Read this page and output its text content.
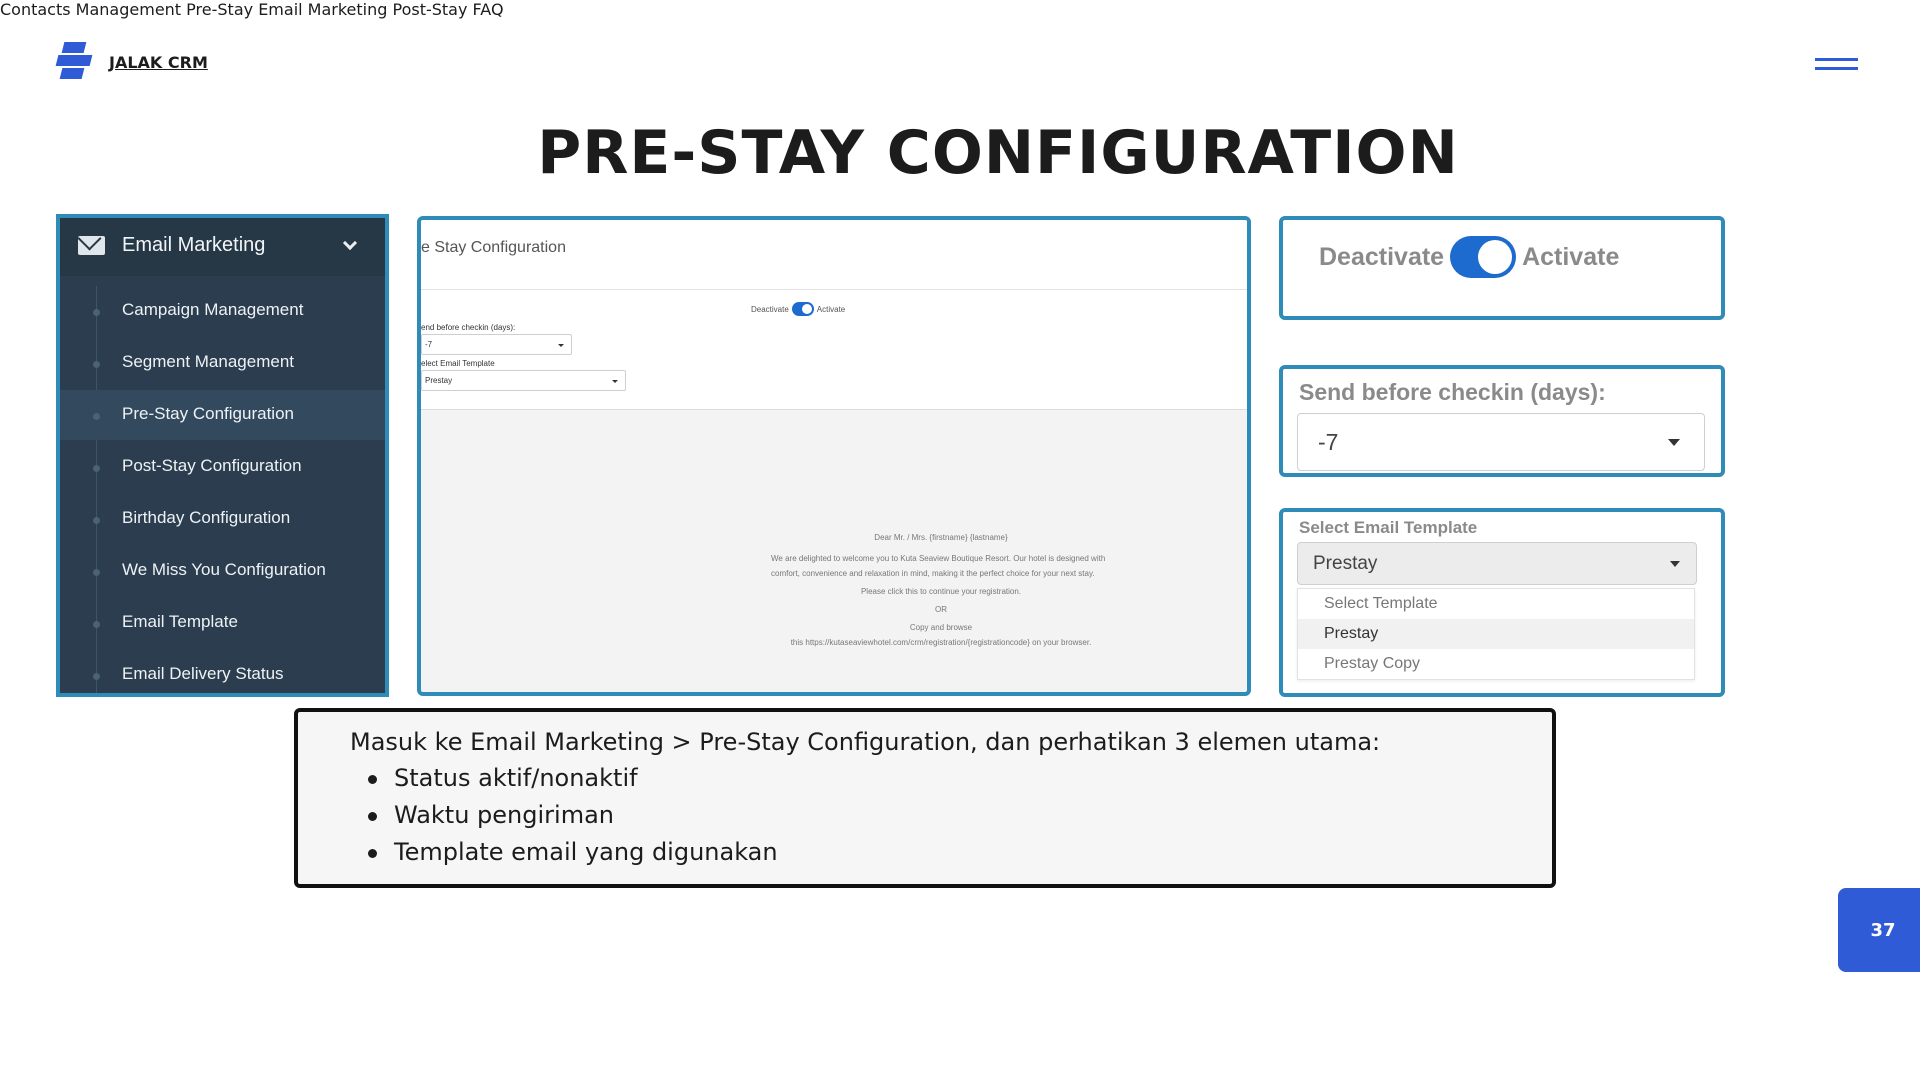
JALAK CRM
Contacts Management Pre-Stay Email Marketing Post-Stay FAQ
PRE-STAY CONFIGURATION
Email Marketing
Campaign Management
Segment Management
Pre-Stay Configuration
Post-Stay Configuration
Birthday Configuration
We Miss You Configuration
Email Template
Email Delivery Status
e Stay Configuration
Deactivate	Activate
end before checkin (days):
-7
elect Email Template
Prestay

Dear Mr. / Mrs. {firstname} {lastname}

We are delighted to welcome you to Kuta Seaview Boutique Resort. Our hotel is designed with comfort, convenience and relaxation in mind, making it the perfect choice for your next stay.

Please click this to continue your registration.

OR

Copy and browse

this https://kutaseaviewhotel.com/crm/registration/{registrationcode} on your browser.

Deactivate	Activate
Send before checkin (days):
-7
Select Email Template
Prestay
Select Template
Prestay
Prestay Copy

Masuk ke Email Marketing > Pre-Stay Configuration, dan perhatikan 3 elemen utama:

Status aktif/nonaktif
Waktu pengiriman
Template email yang digunakan
37
